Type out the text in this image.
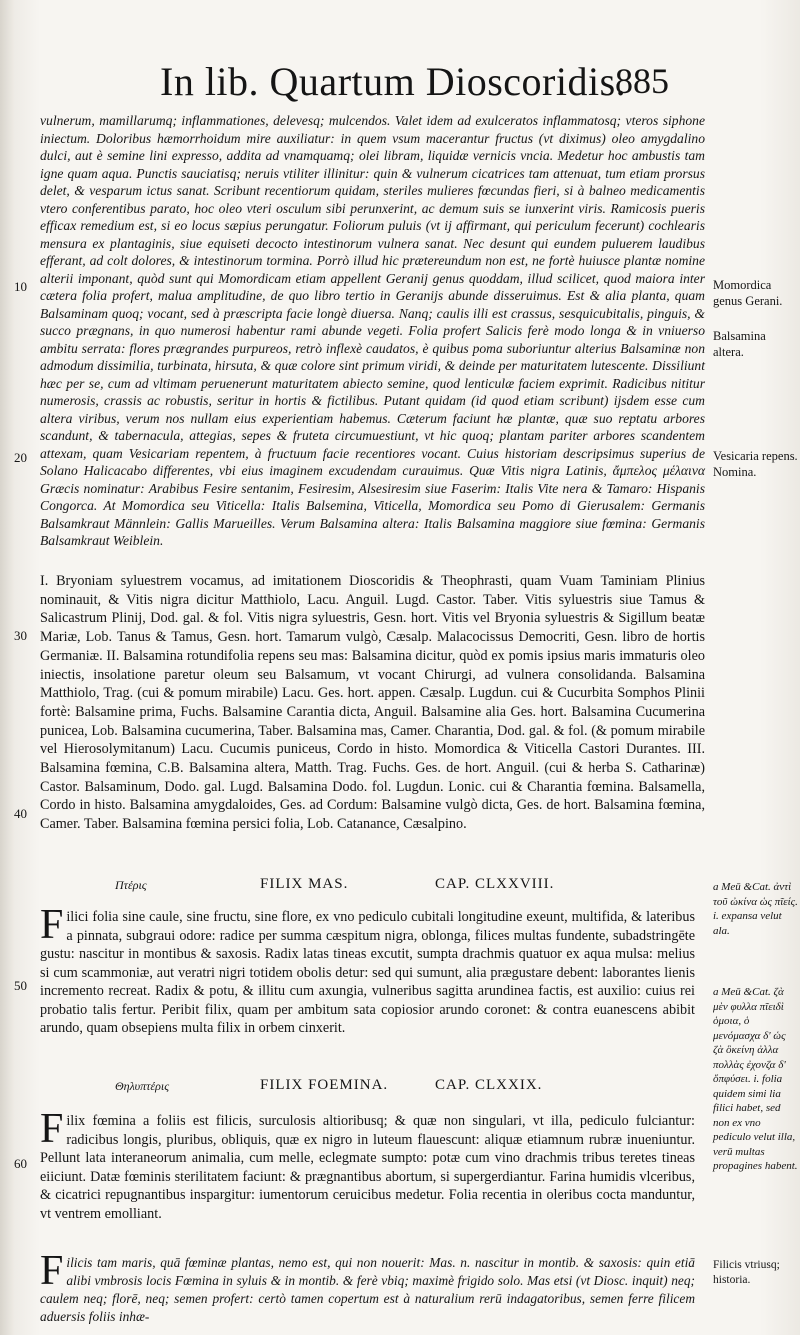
In lib. Quartum Dioscoridis.
885

vulnerum, mamillarumq; inflammationes, delevesq; mulcendos. Valet idem ad exulceratos inflammatosq; vteros siphone iniectum. Doloribus hæmorrhoidum mire auxiliatur: in quem vsum macerantur fructus (vt diximus) oleo amygdalino dulci, aut è semine lini expresso, addita ad vnamquamq; olei libram, liquidæ vernicis vncia. Medetur hoc ambustis tam igne quam aqua. Punctis sauciatisq; neruis vtiliter illinitur: quin & vulnerum cicatrices tam attenuat, tum etiam prorsus delet, & vesparum ictus sanat. Scribunt recentiorum quidam, steriles mulieres fœcundas fieri, si à balneo medicamentis vtero conferentibus parato, hoc oleo vteri osculum sibi perunxerint, ac demum suis se iunxerint viris. Ramicosis pueris efficax remedium est, si eo locus sæpius perungatur. Foliorum puluis (vt ij affirmant, qui periculum fecerunt) cochlearis mensura ex plantaginis, siue equiseti decocto intestinorum vulnera sanat. Nec desunt qui eundem puluerem laudibus efferant, ad colt dolores, & intestinorum tormina. Porrò illud hic prætereundum non est, ne fortè huiusce plantæ nomine alterii imponant, quòd sunt qui Momordicam etiam appellent Geranij genus quoddam, illud scilicet, quod maiora inter cætera folia profert, malua amplitudine, de quo libro tertio in Geranijs abunde disseruimus. Est & alia planta, quam Balsaminam quoq; vocant, sed à præscripta facie longè diuersa. Nanq; caulis illi est crassus, sesquicubitalis, pinguis, & succo prægnans, in quo numerosi habentur rami abunde vegeti. Folia profert Salicis ferè modo longa & in vniuerso ambitu serrata: flores prægrandes purpureos, retrò inflexè caudatos, è quibus poma suboriuntur alterius Balsaminæ non admodum dissimilia, turbinata, hirsuta, & quæ colore sint primum viridi, & deinde per maturitatem lutescente. Dissiliunt hæc per se, cum ad vltimam peruenerunt maturitatem abiecto semine, quod lenticulæ faciem exprimit. Radicibus nititur numerosis, crassis ac robustis, seritur in hortis & fictilibus. Putant quidam (id quod etiam scribunt) ijsdem esse cum altera viribus, verum nos nullam eius experientiam habemus. Cæterum faciunt hæ plantæ, quæ suo reptatu arbores scandunt, & tabernacula, attegias, sepes & fruteta circumuestiunt, vt hic quoq; plantam pariter arbores scandentem attexam, quam Vesicariam repentem, à fructuum facie recentiores vocant. Cuius historiam descripsimus superius de Solano Halicacabo differentes, vbi eius imaginem excudendam curauimus. Quæ Vitis nigra Latinis, ἄμπελος μέλαινα Græcis nominatur: Arabibus Fesire sentanim, Fesiresim, Alsesiresim siue Faserim: Italis Vite nera & Tamaro: Hispanis Congorca. At Momordica seu Viticella: Italis Balsemina, Viticella, Momordica seu Pomo di Gierusalem: Germanis Balsamkraut Männlein: Gallis Marueilles. Verum Balsamina altera: Italis Balsamina maggiore siue fœmina: Germanis Balsamkraut Weiblein.

I. Bryoniam syluestrem vocamus, ad imitationem Dioscoridis & Theophrasti, quam Vuam Taminiam Plinius nominauit, & Vitis nigra dicitur Matthiolo, Lacu. Anguil. Lugd. Castor. Taber. Vitis syluestris siue Tamus & Salicastrum Plinij, Dod. gal. & fol. Vitis nigra syluestris, Gesn. hort. Vitis vel Bryonia syluestris & Sigillum beatæ Mariæ, Lob. Tanus & Tamus, Gesn. hort. Tamarum vulgò, Cæsalp. Malacocissus Democriti, Gesn. libro de hortis Germaniæ. II. Balsamina rotundifolia repens seu mas: Balsamina dicitur, quòd ex pomis ipsius maris immaturis oleo iniectis, insolatione paretur oleum seu Balsamum, vt vocant Chirurgi, ad vulnera consolidanda. Balsamina Matthiolo, Trag. (cui & pomum mirabile) Lacu. Ges. hort. appen. Cæsalp. Lugdun. cui & Cucurbita Somphos Plinii fortè: Balsamine prima, Fuchs. Balsamine Carantia dicta, Anguil. Balsamine alia Ges. hort. Balsamina Cucumerina punicea, Lob. Balsamina cucumerina, Taber. Balsamina mas, Camer. Charantia, Dod. gal. & fol. (& pomum mirabile vel Hierosolymitanum) Lacu. Cucumis puniceus, Cordo in histo. Momordica & Viticella Castori Durantes. III. Balsamina fœmina, C.B. Balsamina altera, Matth. Trag. Fuchs. Ges. de hort. Anguil. (cui & herba S. Catharinæ) Castor. Balsaminum, Dodo. gal. Lugd. Balsamina Dodo. fol. Lugdun. Lonic. cui & Charantia fœmina. Balsamella, Cordo in histo. Balsamina amygdaloides, Ges. ad Cordum: Balsamine vulgò dicta, Ges. de hort. Balsamina fœmina, Camer. Taber. Balsamina fœmina persici folia, Lob. Catanance, Cæsalpino.

10
20
30
40
50
60
Momordica genus Gerani.
Balsamina altera.
Vesicaria repens. Nomina.
a Meū &Cat. ἀντὶ τοῦ ὠκίνα ὡς πῖείς. i. expansa velut ala.
a Meū &Cat. ζὰ μὲν φυλλα πῖειδὶ ὁμοια, ὁ μενόμασχα δ' ὡς ζὰ ὃκείνη ἀλλα πολλὰς ἐχονζα δ' ὅπφύσει. i. folia quidem simi lia filici habet, sed non ex vno pediculo velut illa, verū multas propagines habent.
Filicis vtriusq; historia.
Πτέρις	FILIX MAS.	CAP. CLXXVIII.
F ilici folia sine caule, sine fructu, sine flore, ex vno pediculo cubitali longitudine exeunt, multifida, & lateribus a pinnata, subgraui odore: radice per summa cæspitum nigra, oblonga, filices multas fundente, subadstringēte gustu: nascitur in montibus & saxosis. Radix latas tineas excutit, sumpta drachmis quatuor ex aqua mulsa: melius si cum scammoniæ, aut veratri nigri totidem obolis detur: sed qui sumunt, alia prægustare debent: laborantes lienis incremento recreat. Radix & potu, & illitu cum axungia, vulneribus sagitta arundinea factis, est auxilio: cuius rei probatio talis fertur. Peribit filix, quam per ambitum sata copiosior arundo coronet: & contra euanescens abibit arundo, quam obsepiens multa filix in orbem cinxerit.
Θηλυπτέρις	FILIX FOEMINA.	CAP. CLXXIX.
F ilix fœmina a foliis est filicis, surculosis altioribusq; & quæ non singulari, vt illa, pediculo fulciantur: radicibus longis, pluribus, obliquis, quæ ex nigro in luteum flauescunt: aliquæ etiamnum rubræ inueniuntur. Pellunt lata interaneorum animalia, cum melle, eclegmate sumpto: potæ cum vino drachmis tribus teretes tineas eiiciunt. Datæ fœminis sterilitatem faciunt: & prægnantibus abortum, si supergerdiantur. Farina humidis vlceribus, & cicatrici repugnantibus inspargitur: iumentorum ceruicibus medetur. Folia recentia in oleribus cocta manduntur, vt ventrem emolliant.
F ilicis tam maris, quā fœminæ plantas, nemo est, qui non nouerit: Mas. n. nascitur in montib. & saxosis: quin etiā alibi vmbrosis locis Fœmina in syluis & in montib. & ferè vbiq; maximè frigido solo. Mas etsi (vt Diosc. inquit) neq; caulem neq; florē, neq; semen profert: certò tamen copertum est à naturalium rerū indagatoribus, semen ferre filicem aduersis foliis inhæ-
